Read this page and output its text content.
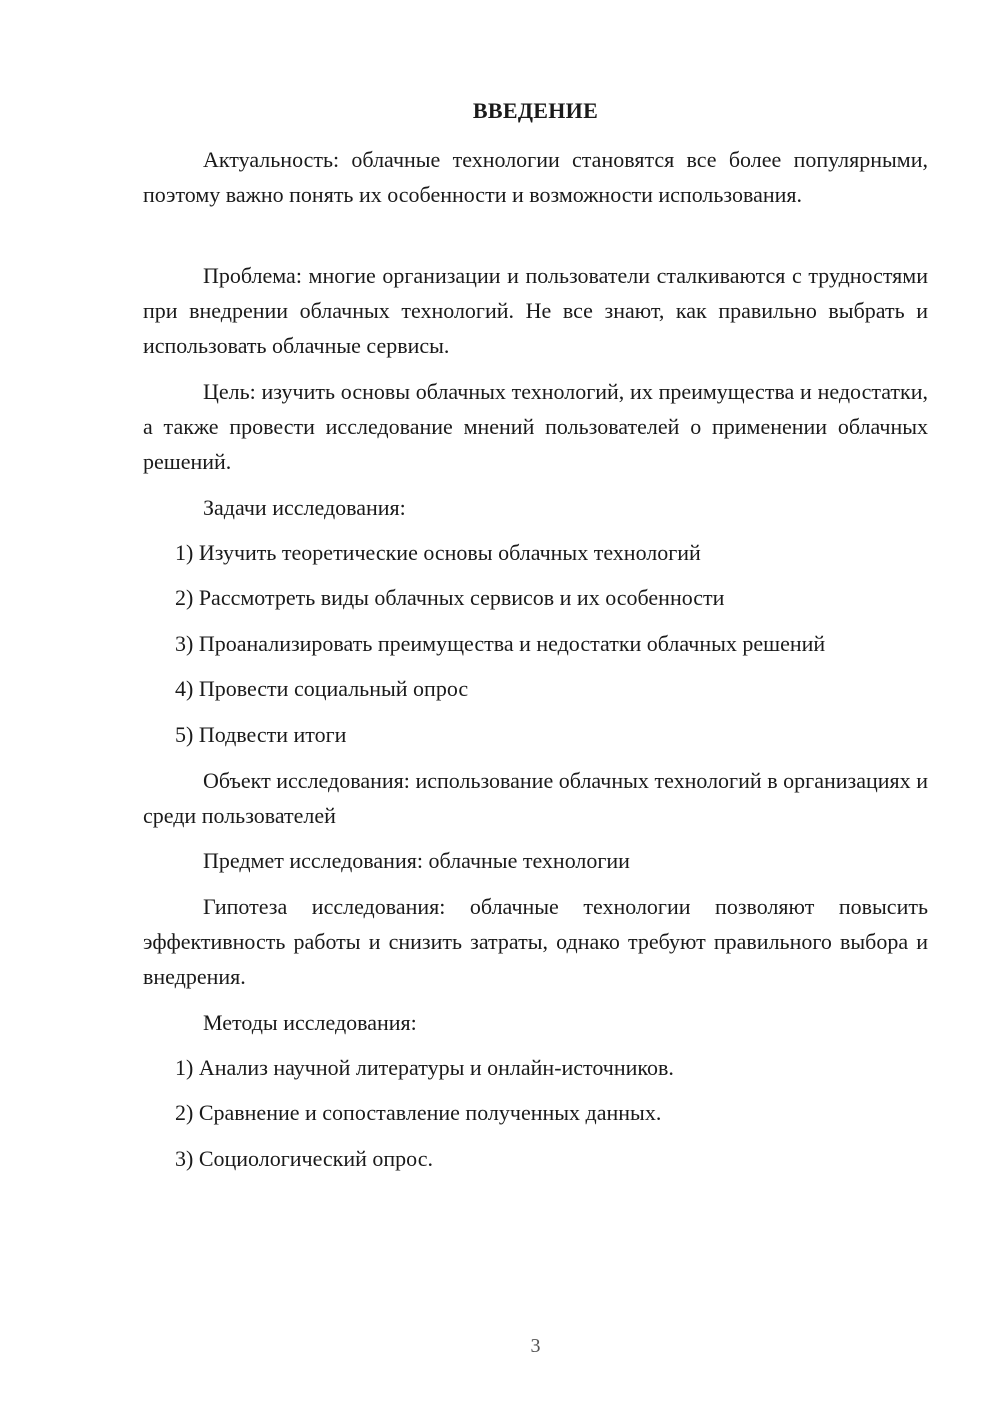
ВВЕДЕНИЕ

Актуальность: облачные технологии становятся все более популярными, поэтому важно понять их особенности и возможности использования.

Проблема: многие организации и пользователи сталкиваются с трудностями при внедрении облачных технологий. Не все знают, как правильно выбрать и использовать облачные сервисы.

Цель: изучить основы облачных технологий, их преимущества и недостатки, а также провести исследование мнений пользователей о применении облачных решений.

Задачи исследования:

1) Изучить теоретические основы облачных технологий

2) Рассмотреть виды облачных сервисов и их особенности

3) Проанализировать преимущества и недостатки облачных решений

4) Провести социальный опрос

5) Подвести итоги

Объект исследования: использование облачных технологий в организациях и среди пользователей

Предмет исследования: облачные технологии

Гипотеза исследования: облачные технологии позволяют повысить эффективность работы и снизить затраты, однако требуют правильного выбора и внедрения.

Методы исследования:

1) Анализ научной литературы и онлайн-источников.

2) Сравнение и сопоставление полученных данных.

3) Социологический опрос.

3
